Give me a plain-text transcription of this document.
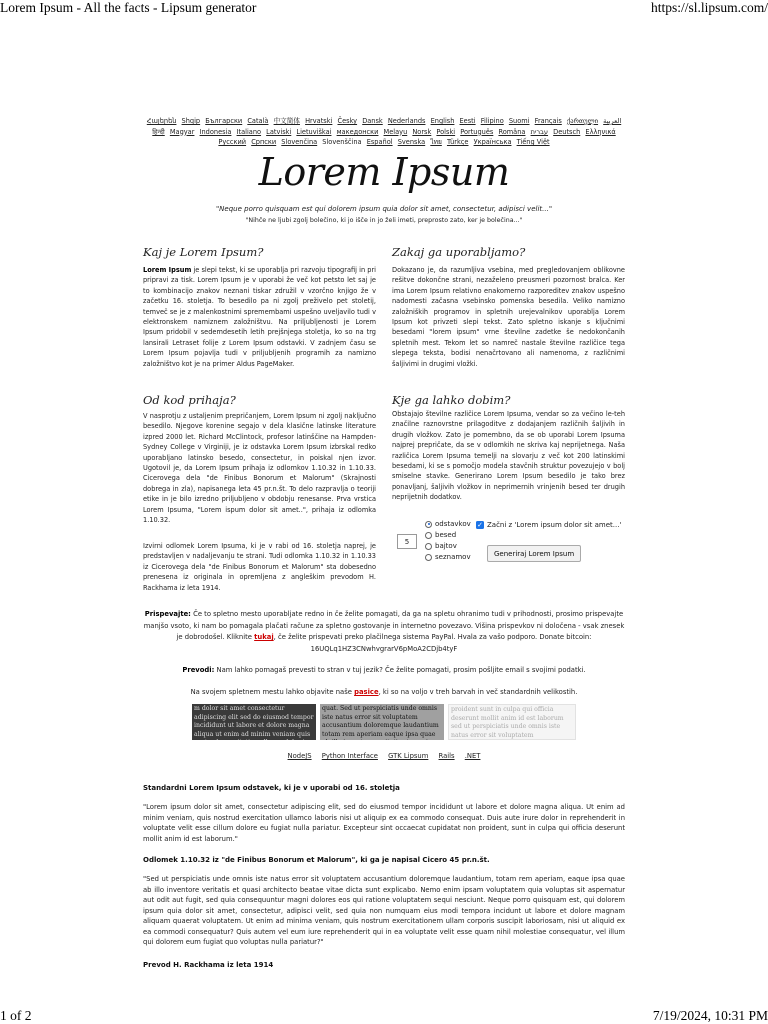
Lorem Ipsum - All the facts - Lipsum generator	https://sl.lipsum.com/
Հայերեն Shqip	‫العربية Български Català 中文简体 Hrvatski Česky Dansk Nederlands English Eesti Filipino Suomi Français ქართული Deutsch Ελληνικά ‫עברית हिन्दी Magyar Indonesia Italiano Latviski Lietuviškai македонски Melayu Norsk Polski Português Româna Pyccкий Српски Slovenčina Slovenščina Español Svenska ไทย Türkçe Українська Tiếng Việt
Lorem Ipsum
"Neque porro quisquam est qui dolorem ipsum quia dolor sit amet, consectetur, adipisci velit..."
"Nihče ne ljubi zgolj bolečino, ki jo išče in jo želi imeti, preprosto zato, ker je bolečina..."
Kaj je Lorem Ipsum?
Lorem Ipsum je slepi tekst, ki se uporablja pri razvoju tipografij in pri pripravi za tisk. Lorem Ipsum je v uporabi že več kot petsto let saj je to kombinacijo znakov neznani tiskar združil v vzorčno knjigo že v začetku 16. stoletja. To besedilo pa ni zgolj preživelo pet stoletij, temveč se je z malenkostnimi spremembami uspešno uveljavilo tudi v elektronskem namiznem založništvu. Na priljubljenosti je Lorem Ipsum pridobil v sedemdesetih letih prejšnjega stoletja, ko so na trg lansirali Letraset folije z Lorem Ipsum odstavki. V zadnjem času se Lorem Ipsum pojavlja tudi v priljubljenih programih za namizno založništvo kot je na primer Aldus PageMaker.
Od kod prihaja?
V nasprotju z ustaljenim prepričanjem, Lorem Ipsum ni zgolj naključno besedilo. Njegove korenine segajo v dela klasične latinske literature izpred 2000 let. Richard McClintock, profesor latinščine na Hampden-Sydney College v Virginiji, je iz odstavka Lorem Ipsum izbrskal redko uporabljano latinsko besedo, consectetur, in poiskal njen izvor. Ugotovil je, da Lorem Ipsum prihaja iz odlomkov 1.10.32 in 1.10.33. Cicerovega dela "de Finibus Bonorum et Malorum" (Skrajnosti dobrega in zla), napisanega leta 45 pr.n.št. To delo razpravlja o teoriji etike in je bilo izredno priljubljeno v obdobju renesanse. Prva vrstica Lorem Ipsuma, "Lorem ispum dolor sit amet..", prihaja iz odlomka 1.10.32.
Izvirni odlomek Lorem Ipsuma, ki je v rabi od 16. stoletja naprej, je predstavljen v nadaljevanju te strani. Tudi odlomka 1.10.32 in 1.10.33 iz Cicerovega dela "de Finibus Bonorum et Malorum" sta dobesedno prenesena iz originala in opremljena z angleškim prevodom H. Rackhama iz leta 1914.
Zakaj ga uporabljamo?
Dokazano je, da razumljiva vsebina, med pregledovanjem oblikovne rešitve dokončne strani, nezaželeno preusmeri pozornost bralca. Ker ima Lorem Ipsum relativno enakomerno razporeditev znakov uspešno nadomesti začasna vsebinsko pomenska besedila. Veliko namizno založniških programov in spletnih urejevalnikov uporablja Lorem Ipsum kot privzeti slepi tekst. Zato spletno iskanje s ključnimi besedami "lorem ipsum" vrne številne zadetke še nedokončanih spletnih mest. Tekom let so namreč nastale številne različice tega slepega teksta, bodisi nenačrtovano ali namenoma, z različnimi šaljivimi in drugimi vložki.
Kje ga lahko dobim?
Obstajajo številne različice Lorem Ipsuma, vendar so za večino le-teh značilne raznovrstne prilagoditve z dodajanjem različnih šaljivih in drugih vložkov. Zato je pomembno, da se ob uporabi Lorem Ipsuma najprej prepričate, da se v odlomkih ne skriva kaj neprijetnega. Naša različica Lorem Ipsuma temelji na slovarju z več kot 200 latinskimi besedami, ki se s pomočjo modela stavčnih struktur povezujejo v bolj smiselne stavke. Generirano Lorem Ipsum besedilo je tako brez ponavljanj, šaljivih vložkov in neprimernih vrinjenih besed ter drugih neprijetnih dodatkov.
5
odstavkov
besed
bajtov
seznamov
✓ Začni z 'Lorem ipsum dolor sit amet...'
Generiraj Lorem Ipsum
Prispevajte: Če to spletno mesto uporabljate redno in če želite pomagati, da ga na spletu ohranimo tudi v prihodnosti, prosimo prispevajte manjšo vsoto, ki nam bo pomagala plačati račune za spletno gostovanje in internetno povezavo. Višina prispevkov ni določena - vsak znesek je dobrodošel. Kliknite tukaj, če želite prispevati preko plačilnega sistema PayPal. Hvala za vašo podporo. Donate bitcoin:
16UQLq1HZ3CNwhvgrarV6pMoA2CDjb4tyF
Prevodi: Nam lahko pomagaš prevesti to stran v tuj jezik? Če želite pomagati, prosim pošljite email s svojimi podatki.
Na svojem spletnem mestu lahko objavite naše pasice, ki so na voljo v treh barvah in več standardnih velikostih.
m dolor sit amet consectetur adipiscing elit sed do eiusmod tempor incididunt ut labore et dolore magna aliqua ut enim ad minim veniam quis
quat. Sed ut perspiciatis unde omnis iste natus error sit voluptatem accusantium doloremque laudantium totam rem aperiam eaque ipsa quae
proident sunt in culpa qui officia deserunt mollit anim id est laborum sed ut perspiciatis unde omnis iste natus error sit voluptatem
NodeJS Python Interface GTK Lipsum Rails .NET
Standardni Lorem Ipsum odstavek, ki je v uporabi od 16. stoletja
"Lorem ipsum dolor sit amet, consectetur adipiscing elit, sed do eiusmod tempor incididunt ut labore et dolore magna aliqua. Ut enim ad minim veniam, quis nostrud exercitation ullamco laboris nisi ut aliquip ex ea commodo consequat. Duis aute irure dolor in reprehenderit in voluptate velit esse cillum dolore eu fugiat nulla pariatur. Excepteur sint occaecat cupidatat non proident, sunt in culpa qui officia deserunt mollit anim id est laborum."
Odlomek 1.10.32 iz "de Finibus Bonorum et Malorum", ki ga je napisal Cicero 45 pr.n.št.
"Sed ut perspiciatis unde omnis iste natus error sit voluptatem accusantium doloremque laudantium, totam rem aperiam, eaque ipsa quae ab illo inventore veritatis et quasi architecto beatae vitae dicta sunt explicabo. Nemo enim ipsam voluptatem quia voluptas sit aspernatur aut odit aut fugit, sed quia consequuntur magni dolores eos qui ratione voluptatem sequi nesciunt. Neque porro quisquam est, qui dolorem ipsum quia dolor sit amet, consectetur, adipisci velit, sed quia non numquam eius modi tempora incidunt ut labore et dolore magnam aliquam quaerat voluptatem. Ut enim ad minima veniam, quis nostrum exercitationem ullam corporis suscipit laboriosam, nisi ut aliquid ex ea commodi consequatur? Quis autem vel eum iure reprehenderit qui in ea voluptate velit esse quam nihil molestiae consequatur, vel illum qui dolorem eum fugiat quo voluptas nulla pariatur?"
Prevod H. Rackhama iz leta 1914
1 of 2	7/19/2024, 10:31 PM
